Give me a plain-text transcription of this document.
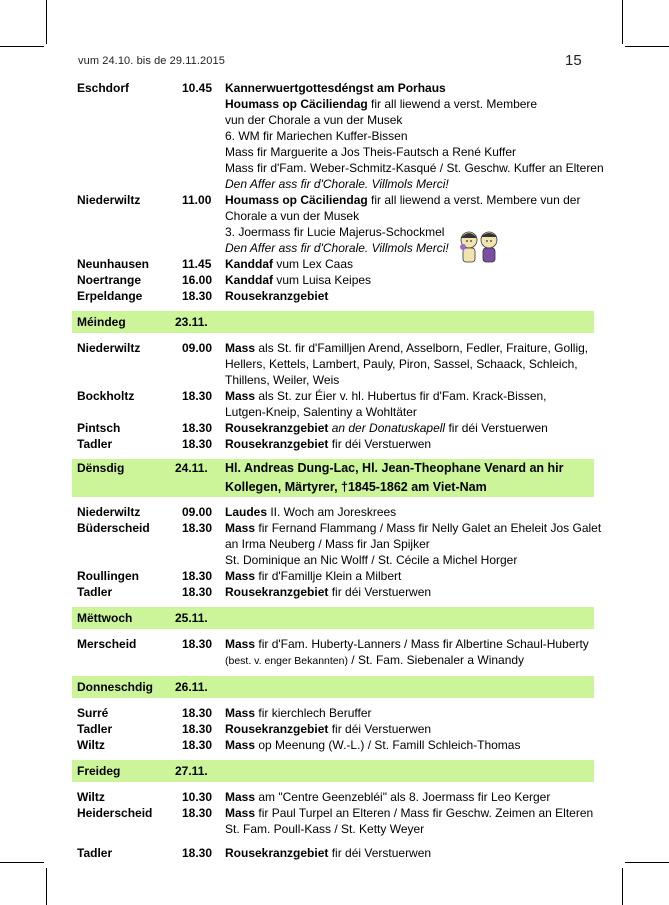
vum 24.10. bis de 29.11.2015	15
Eschdorf	10.45 Kannerwuertgottesdéngst am Porhaus
Houmass op Cäciliendag fir all liewend a verst. Membere
vun der Chorale a vun der Musek
6. WM fir Mariechen Kuffer-Bissen
Mass fir Marguerite a Jos Theis-Fautsch a René Kuffer
Mass fir d'Fam. Weber-Schmitz-Kasqué / St. Geschw. Kuffer an Elteren
Den Affer ass fir d'Chorale. Villmols Merci!
Niederwiltz	11.00 Houmass op Cäciliendag fir all liewend a verst. Membere vun der
Chorale a vun der Musek
3. Joermass fir Lucie Majerus-Schockmel
Den Affer ass fir d'Chorale. Villmols Merci!
Neunhausen	11.45 Kanddaf vum Lex Caas
Noertrange	16.00 Kanddaf vum Luisa Keipes
Erpeldange	18.30 Rousekranzgebiet
Méindeg	23.11.

Niederwiltz	09.00 Mass als St. fir d'Familljen Arend, Asselborn, Fedler, Fraiture, Gollig,
Hellers, Kettels, Lambert, Pauly, Piron, Sassel, Schaack, Schleich,
Thillens, Weiler, Weis
Bockholtz	18.30 Mass als St. zur Éier v. hl. Hubertus fir d'Fam. Krack-Bissen,
Lutgen-Kneip, Salentiny a Wohltäter
Pintsch	18.30 Rousekranzgebiet an der Donatuskapell fir déi Verstuerwen
Tadler	18.30 Rousekranzgebiet fir déi Verstuerwen
Dënsdig	24.11. Hl. Andreas Dung-Lac, Hl. Jean-Theophane Venard an hir
Kollegen, Märtyrer, †1845-1862 am Viet-Nam
Niederwiltz	09.00 Laudes II. Woch am Joreskrees
Büderscheid	18.30 Mass fir Fernand Flammang / Mass fir Nelly Galet an Eheleit Jos Galet
an Irma Neuberg / Mass fir Jan Spijker
St. Dominique an Nic Wolff / St. Cécile a Michel Horger
Roullingen	18.30 Mass fir d'Famillje Klein a Milbert
Tadler	18.30 Rousekranzgebiet fir déi Verstuerwen
Mëttwoch	25.11.

Merscheid	18.30 Mass fir d'Fam. Huberty-Lanners / Mass fir Albertine Schaul-Huberty
(best. v. enger Bekannten) / St. Fam. Siebenaler a Winandy
Donneschdig 26.11.

Surré	18.30 Mass fir kierchlech Beruffer
Tadler	18.30 Rousekranzgebiet fir déi Verstuerwen
Wiltz	18.30 Mass op Meenung (W.-L.) / St. Famill Schleich-Thomas
Freideg	27.11.

Wiltz	10.30 Mass am "Centre Geenzebléi" als 8. Joermass fir Leo Kerger
Heiderscheid 18.30 Mass fir Paul Turpel an Elteren / Mass fir Geschw. Zeimen an Elteren
St. Fam. Poull-Kass / St. Ketty Weyer
Tadler	18.30 Rousekranzgebiet fir déi Verstuerwen
